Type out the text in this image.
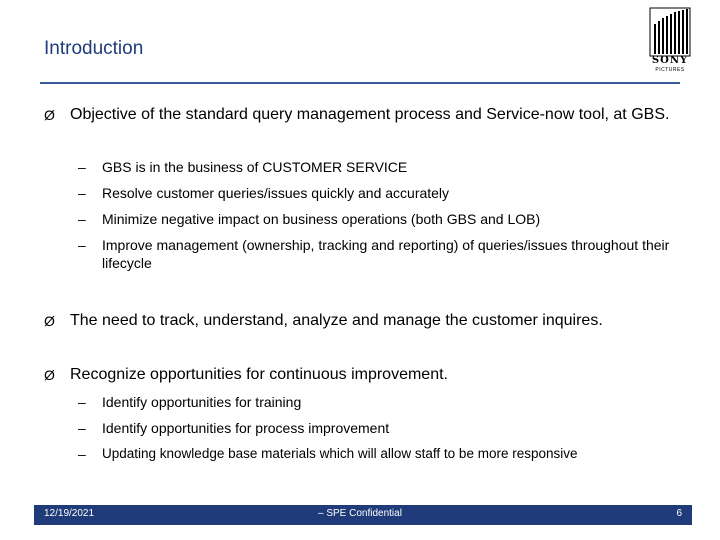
Introduction
SONY
PICTURES
Ø Objective of the standard query management process and Service-now tool, at GBS.
– GBS is in the business of CUSTOMER SERVICE
– Resolve customer queries/issues quickly and accurately
– Minimize negative impact on business operations (both GBS and LOB)
– Improve management (ownership, tracking and reporting) of queries/issues throughout their lifecycle
Ø The need to track, understand, analyze and manage the customer inquires.
Ø Recognize opportunities for continuous improvement.
– Identify opportunities for training
– Identify opportunities for process improvement
– Updating knowledge base materials which will allow staff to be more responsive
12/19/2021	– SPE Confidential	6
